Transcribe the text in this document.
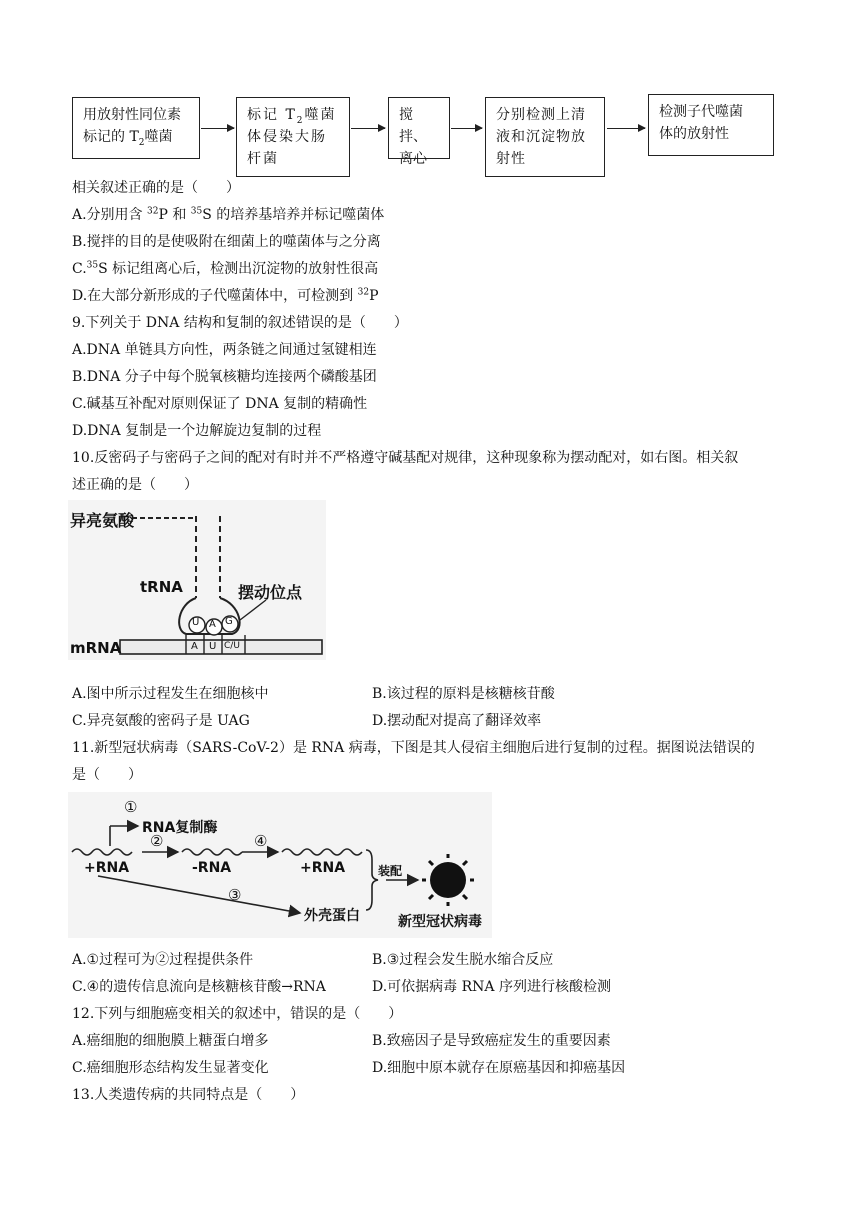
用放射性同位素
标记的 $T_2$噬菌
标记 $T_2$噬菌
体侵染大肠
杆菌
搅拌、
离心
分别检测上清
液和沉淀物放
射性
检测子代噬菌
体的放射性
相关叙述正确的是（　　）
A.分别用含 $^{32}$P 和 $^{35}$S 的培养基培养并标记噬菌体
B.搅拌的目的是使吸附在细菌上的噬菌体与之分离
C.$^{35}$S 标记组离心后，检测出沉淀物的放射性很高
D.在大部分新形成的子代噬菌体中，可检测到 $^{32}$P
9.下列关于 DNA 结构和复制的叙述错误的是（　　）
A.DNA 单链具方向性，两条链之间通过氢键相连
B.DNA 分子中每个脱氧核糖均连接两个磷酸基团
C.碱基互补配对原则保证了 DNA 复制的精确性
D.DNA 复制是一个边解旋边复制的过程
10.反密码子与密码子之间的配对有时并不严格遵守碱基配对规律，这种现象称为摆动配对，如右图。相关叙
述正确的是（　　）
异亮氨酸
tRNA	摆动位点
mRNA
U A G
A U C/U
A.图中所示过程发生在细胞核中	B.该过程的原料是核糖核苷酸
C.异亮氨酸的密码子是 UAG	D.摆动配对提高了翻译效率
11.新型冠状病毒（SARS-CoV-2）是 RNA 病毒，下图是其人侵宿主细胞后进行复制的过程。据图说法错误的
是（　　）
①
RNA复制酶
②	④
+RNA	-RNA	+RNA	装配
③
外壳蛋白	新型冠状病毒
A.①过程可为②过程提供条件	B.③过程会发生脱水缩合反应
C.④的遗传信息流向是核糖核苷酸→RNA	D.可依据病毒 RNA 序列进行核酸检测
12.下列与细胞癌变相关的叙述中，错误的是（　　）
A.癌细胞的细胞膜上糖蛋白增多	B.致癌因子是导致癌症发生的重要因素
C.癌细胞形态结构发生显著变化	D.细胞中原本就存在原癌基因和抑癌基因
13.人类遗传病的共同特点是（　　）
